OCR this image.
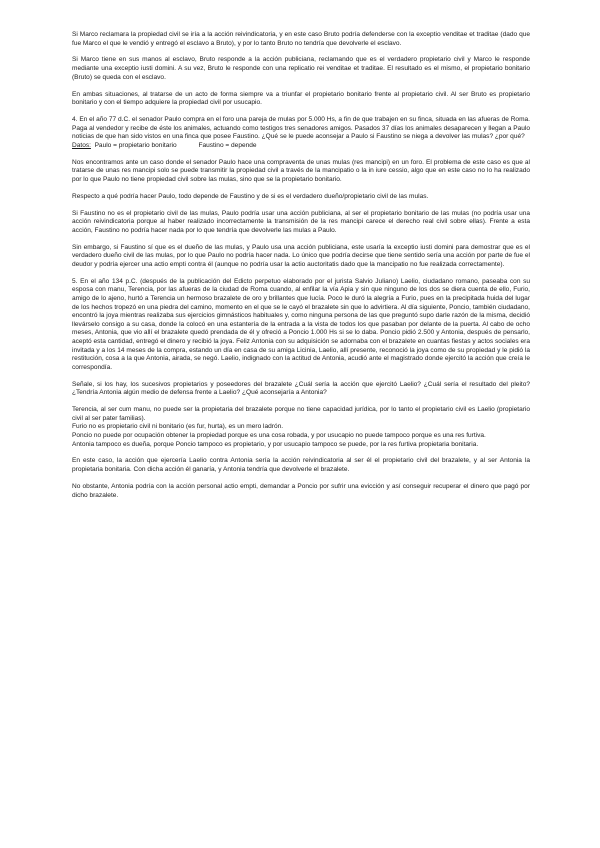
Si Marco reclamara la propiedad civil se iría a la acción reivindicatoria, y en este caso Bruto podría defenderse con la exceptio venditae et traditae (dado que fue Marco el que le vendió y entregó el esclavo a Bruto), y por lo tanto Bruto no tendría que devolverle el esclavo.

Si Marco tiene en sus manos al esclavo, Bruto responde a la acción publiciana, reclamando que es el verdadero propietario civil y Marco le responde mediante una exceptio iusti domini. A su vez, Bruto le responde con una replicatio rei venditae et traditae. El resultado es el mismo, el propietario bonitario (Bruto) se queda con el esclavo.

En ambas situaciones, al tratarse de un acto de forma siempre va a triunfar el propietario bonitario frente al propietario civil. Al ser Bruto es propietario bonitario y con el tiempo adquiere la propiedad civil por usucapio.

4. En el año 77 d.C. el senador Paulo compra en el foro una pareja de mulas por 5.000 Hs, a fin de que trabajen en su finca, situada en las afueras de Roma. Paga al vendedor y recibe de éste los animales, actuando como testigos tres senadores amigos. Pasados 37 días los animales desaparecen y llegan a Paulo noticias de que han sido vistos en una finca que posee Faustino. ¿Qué se le puede aconsejar a Paulo si Faustino se niega a devolver las mulas? ¿por qué?

Datos: Paulo = propietario bonitario	Faustino = depende

Nos encontramos ante un caso donde el senador Paulo hace una compraventa de unas mulas (res mancipi) en un foro. El problema de este caso es que al tratarse de unas res mancipi solo se puede transmitir la propiedad civil a través de la mancipatio o la in iure cessio, algo que en este caso no lo ha realizado por lo que Paulo no tiene propiedad civil sobre las mulas, sino que se la propietario bonitario.

Respecto a qué podría hacer Paulo, todo depende de Faustino y de si es el verdadero dueño/propietario civil de las mulas.

Si Faustino no es el propietario civil de las mulas, Paulo podría usar una acción publiciana, al ser el propietario bonitario de las mulas (no podría usar una acción reivindicatoria porque al haber realizado incorrectamente la transmisión de la res mancipi carece el derecho real civil sobre ellas). Frente a esta acción, Faustino no podría hacer nada por lo que tendría que devolverle las mulas a Paulo.

Sin embargo, si Faustino sí que es el dueño de las mulas, y Paulo usa una acción publiciana, este usaría la exceptio iusti domini para demostrar que es el verdadero dueño civil de las mulas, por lo que Paulo no podría hacer nada. Lo único que podría decirse que tiene sentido sería una acción por parte de fue el deudor y podría ejercer una actio empti contra él (aunque no podría usar la actio auctoritatis dado que la mancipatio no fue realizada correctamente).

5. En el año 134 p.C. (después de la publicación del Edicto perpetuo elaborado por el jurista Salvio Juliano) Laelio, ciudadano romano, paseaba con su esposa con manu, Terencia, por las afueras de la ciudad de Roma cuando, al enfilar la vía Apia y sin que ninguno de los dos se diera cuenta de ello, Furio, amigo de lo ajeno, hurtó a Terencia un hermoso brazalete de oro y brillantes que lucía. Poco le duró la alegría a Furio, pues en la precipitada huida del lugar de los hechos tropezó en una piedra del camino, momento en el que se le cayó el brazalete sin que lo advirtiera. Al día siguiente, Poncio, también ciudadano, encontró la joya mientras realizaba sus ejercicios gimnásticos habituales y, como ninguna persona de las que preguntó supo darle razón de la misma, decidió llevárselo consigo a su casa, donde la colocó en una estantería de la entrada a la vista de todos los que pasaban por delante de la puerta. Al cabo de ocho meses, Antonia, que vio allí el brazalete quedó prendada de él y ofreció a Poncio 1.000 Hs si se lo daba. Poncio pidió 2.500 y Antonia, después de pensarlo, aceptó esta cantidad, entregó el dinero y recibió la joya. Feliz Antonia con su adquisición se adornaba con el brazalete en cuantas fiestas y actos sociales era invitada y a los 14 meses de la compra, estando un día en casa de su amiga Licinia, Laelio, allí presente, reconoció la joya como de su propiedad y le pidió la restitución, cosa a la que Antonia, airada, se negó. Laelio, indignado con la actitud de Antonia, acudió ante el magistrado donde ejercitó la acción que creía le correspondía.

Señale, si los hay, los sucesivos propietarios y poseedores del brazalete ¿Cuál sería la acción que ejercitó Laelio? ¿Cuál sería el resultado del pleito? ¿Tendría Antonia algún medio de defensa frente a Laelio? ¿Qué aconsejaría a Antonia?

Terencia, al ser cum manu, no puede ser la propietaria del brazalete porque no tiene capacidad jurídica, por lo tanto el propietario civil es Laelio (propietario civil al ser pater familias).

Furio no es propietario civil ni bonitario (es fur, hurta), es un mero ladrón.

Poncio no puede por ocupación obtener la propiedad porque es una cosa robada, y por usucapio no puede tampoco porque es una res furtiva.

Antonia tampoco es dueña, porque Poncio tampoco es propietario, y por usucapio tampoco se puede, por la res furtiva propietaria bonitaria.

En este caso, la acción que ejercería Laelio contra Antonia sería la acción reivindicatoria al ser él el propietario civil del brazalete, y al ser Antonia la propietaria bonitaria. Con dicha acción él ganaría, y Antonia tendría que devolverle el brazalete.

No obstante, Antonia podría con la acción personal actio empti, demandar a Poncio por sufrir una evicción y así conseguir recuperar el dinero que pagó por dicho brazalete.
